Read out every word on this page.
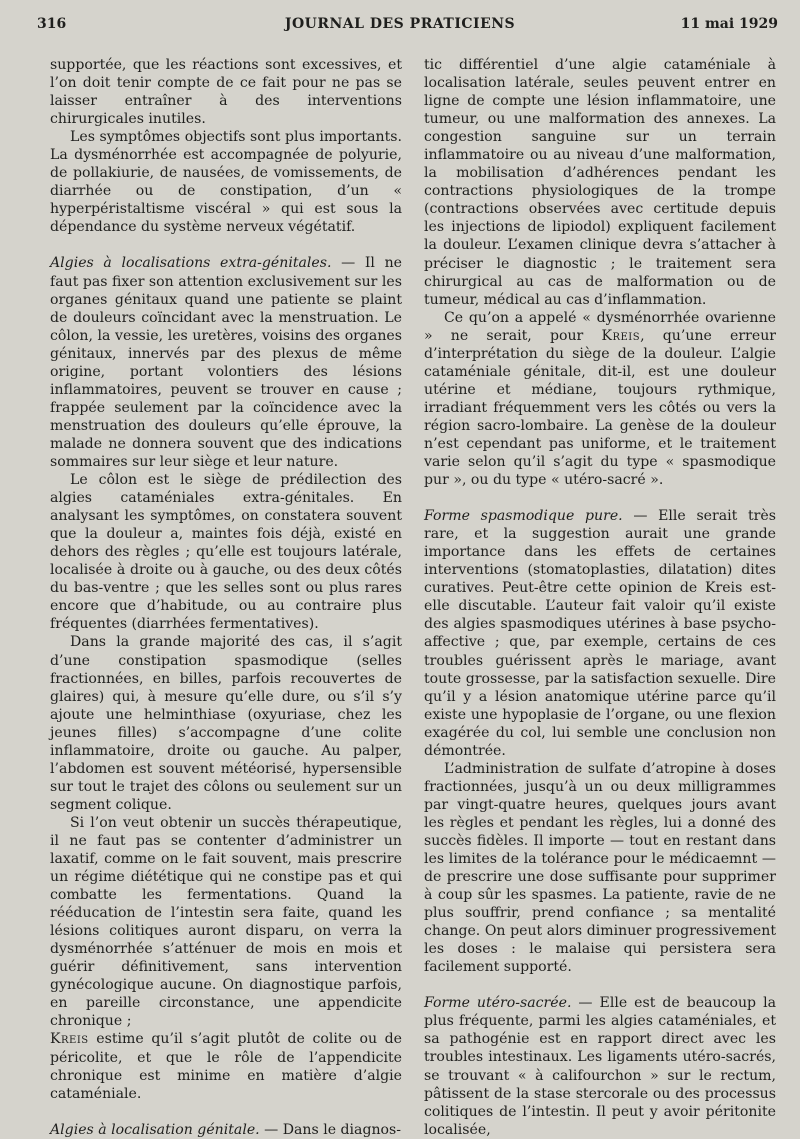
316	JOURNAL DES PRATICIENS	11 mai 1929

supportée, que les réactions sont excessives, et l’on doit tenir compte de ce fait pour ne pas se laisser entraîner à des interventions chirurgicales inutiles.

Les symptômes objectifs sont plus importants. La dysménorrhée est accompagnée de polyurie, de pollakiurie, de nausées, de vomissements, de diarrhée ou de constipation, d’un « hyperpéristaltisme viscéral » qui est sous la dépendance du système nerveux végétatif.

Algies à localisations extra-génitales. — Il ne faut pas fixer son attention exclusivement sur les organes génitaux quand une patiente se plaint de douleurs coïncidant avec la menstruation. Le côlon, la vessie, les uretères, voisins des organes génitaux, innervés par des plexus de même origine, portant volontiers des lésions inflammatoires, peuvent se trouver en cause ; frappée seulement par la coïncidence avec la menstruation des douleurs qu’elle éprouve, la malade ne donnera souvent que des indications sommaires sur leur siège et leur nature.

Le côlon est le siège de prédilection des algies cataméniales extra-génitales. En analysant les symptômes, on constatera souvent que la douleur a, maintes fois déjà, existé en dehors des règles ; qu’elle est toujours latérale, localisée à droite ou à gauche, ou des deux côtés du bas-ventre ; que les selles sont ou plus rares encore que d’habitude, ou au contraire plus fréquentes (diarrhées fermentatives).

Dans la grande majorité des cas, il s’agit d’une constipation spasmodique (selles fractionnées, en billes, parfois recouvertes de glaires) qui, à mesure qu’elle dure, ou s’il s’y ajoute une helminthiase (oxyuriase, chez les jeunes filles) s’accompagne d’une colite inflammatoire, droite ou gauche. Au palper, l’abdomen est souvent météorisé, hypersensible sur tout le trajet des côlons ou seulement sur un segment colique.

Si l’on veut obtenir un succès thérapeutique, il ne faut pas se contenter d’administrer un laxatif, comme on le fait souvent, mais prescrire un régime diététique qui ne constipe pas et qui combatte les fermentations. Quand la rééducation de l’intestin sera faite, quand les lésions colitiques auront disparu, on verra la dysménorrhée s’atténuer de mois en mois et guérir définitivement, sans intervention gynécologique aucune. On diagnostique parfois, en pareille circonstance, une appendicite chronique ;

Kreis estime qu’il s’agit plutôt de colite ou de péricolite, et que le rôle de l’appendicite chronique est minime en matière d’algie cataméniale.

Algies à localisation génitale. — Dans le diagnos-

tic différentiel d’une algie cataméniale à localisation latérale, seules peuvent entrer en ligne de compte une lésion inflammatoire, une tumeur, ou une malformation des annexes. La congestion sanguine sur un terrain inflammatoire ou au niveau d’une malformation, la mobilisation d’adhérences pendant les contractions physiologiques de la trompe (contractions observées avec certitude depuis les injections de lipiodol) expliquent facilement la douleur. L’examen clinique devra s’attacher à préciser le diagnostic ; le traitement sera chirurgical au cas de malformation ou de tumeur, médical au cas d’inflammation.

Ce qu’on a appelé « dysménorrhée ovarienne » ne serait, pour Kreis, qu’une erreur d’interprétation du siège de la douleur. L’algie cataméniale génitale, dit-il, est une douleur utérine et médiane, toujours rythmique, irradiant fréquemment vers les côtés ou vers la région sacro-lombaire. La genèse de la douleur n’est cependant pas uniforme, et le traitement varie selon qu’il s’agit du type « spasmodique pur », ou du type « utéro-sacré ».

Forme spasmodique pure. — Elle serait très rare, et la suggestion aurait une grande importance dans les effets de certaines interventions (stomatoplasties, dilatation) dites curatives. Peut-être cette opinion de Kreis est-elle discutable. L’auteur fait valoir qu’il existe des algies spasmodiques utérines à base psycho-affective ; que, par exemple, certains de ces troubles guérissent après le mariage, avant toute grossesse, par la satisfaction sexuelle. Dire qu’il y a lésion anatomique utérine parce qu’il existe une hypoplasie de l’organe, ou une flexion exagérée du col, lui semble une conclusion non démontrée.

L’administration de sulfate d’atropine à doses fractionnées, jusqu’à un ou deux milligrammes par vingt-quatre heures, quelques jours avant les règles et pendant les règles, lui a donné des succès fidèles. Il importe — tout en restant dans les limites de la tolérance pour le médicaemnt — de prescrire une dose suffisante pour supprimer à coup sûr les spasmes. La patiente, ravie de ne plus souffrir, prend confiance ; sa mentalité change. On peut alors diminuer progressivement les doses : le malaise qui persistera sera facilement supporté.

Forme utéro-sacrée. — Elle est de beaucoup la plus fréquente, parmi les algies cataméniales, et sa pathogénie est en rapport direct avec les troubles intestinaux. Les ligaments utéro-sacrés, se trouvant « à califourchon » sur le rectum, pâtissent de la stase stercorale ou des processus colitiques de l’intestin. Il peut y avoir péritonite localisée,
